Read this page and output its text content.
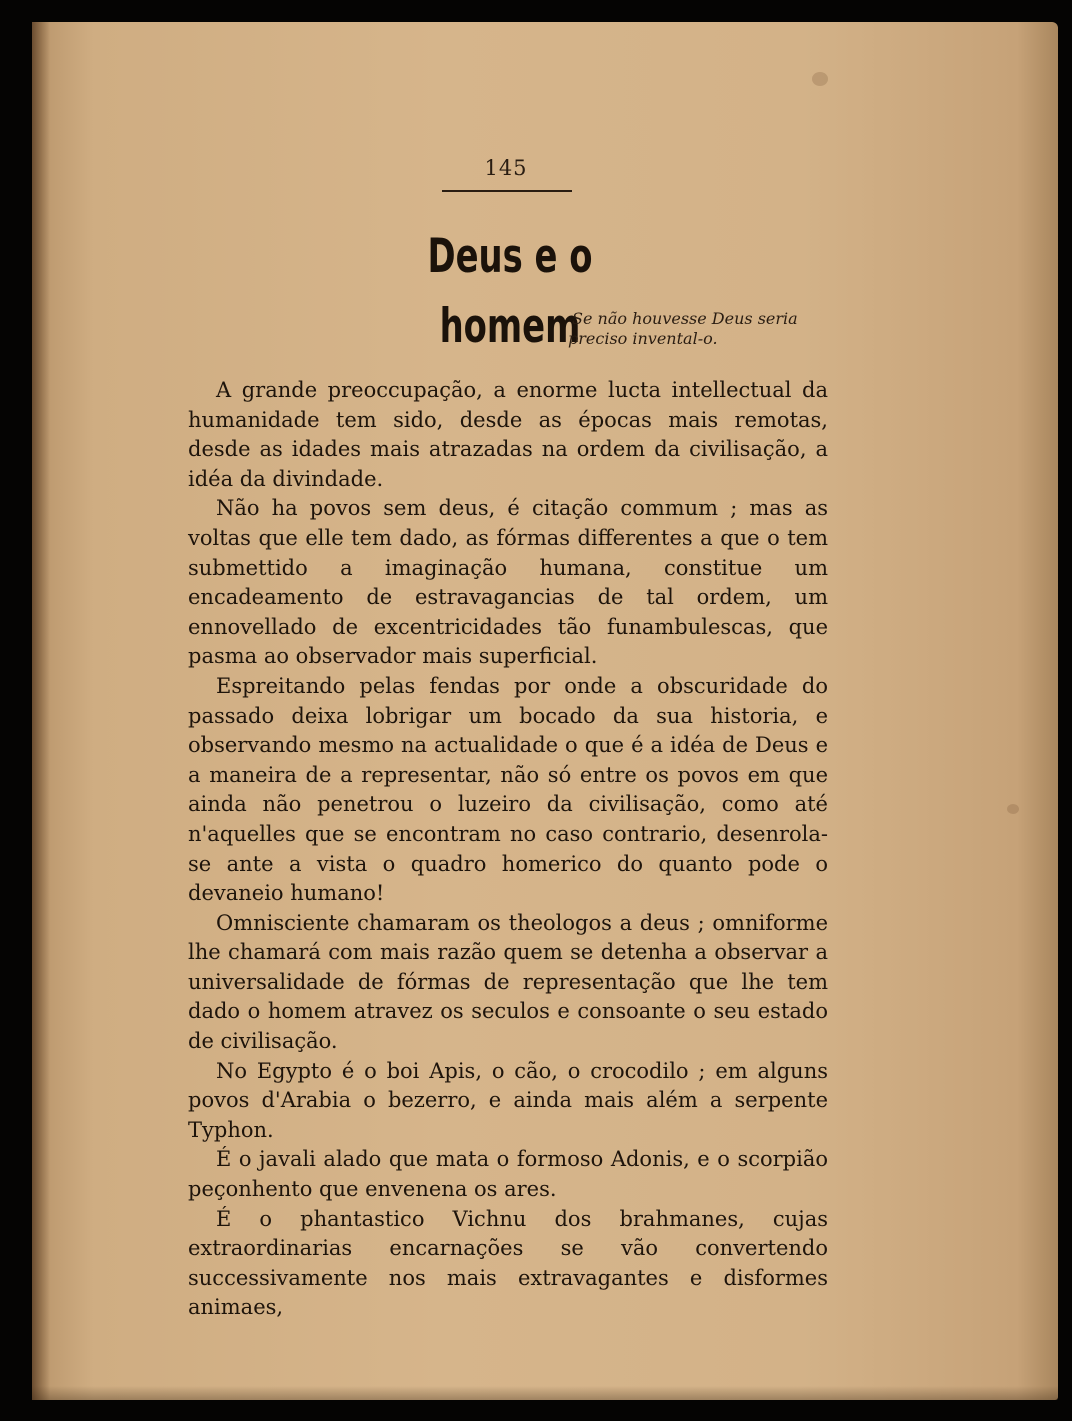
145
Deus e o homem
Se não houvesse Deus seria
preciso invental-o.

A grande preoccupação, a enorme lucta intellectual da humanidade tem sido, desde as épocas mais remotas, desde as idades mais atrazadas na ordem da civilisação, a idéa da divindade.

Não ha povos sem deus, é citação commum ; mas as voltas que elle tem dado, as fórmas differentes a que o tem submettido a imaginação humana, constitue um encadeamento de estravagancias de tal ordem, um ennovellado de excentricidades tão funambulescas, que pasma ao observador mais superficial.

Espreitando pelas fendas por onde a obscuridade do passado deixa lobrigar um bocado da sua historia, e observando mesmo na actualidade o que é a idéa de Deus e a maneira de a representar, não só entre os povos em que ainda não penetrou o luzeiro da civilisação, como até n'aquelles que se encontram no caso contrario, desenrola-se ante a vista o quadro homerico do quanto pode o devaneio humano!

Omnisciente chamaram os theologos a deus ; omniforme lhe chamará com mais razão quem se detenha a observar a universalidade de fórmas de representação que lhe tem dado o homem atravez os seculos e consoante o seu estado de civilisação.

No Egypto é o boi Apis, o cão, o crocodilo ; em alguns povos d'Arabia o bezerro, e ainda mais além a serpente Typhon.

É o javali alado que mata o formoso Adonis, e o scorpião peçonhento que envenena os ares.

É o phantastico Vichnu dos brahmanes, cujas extraordinarias encarnações se vão convertendo successivamente nos mais extravagantes e disformes animaes,
